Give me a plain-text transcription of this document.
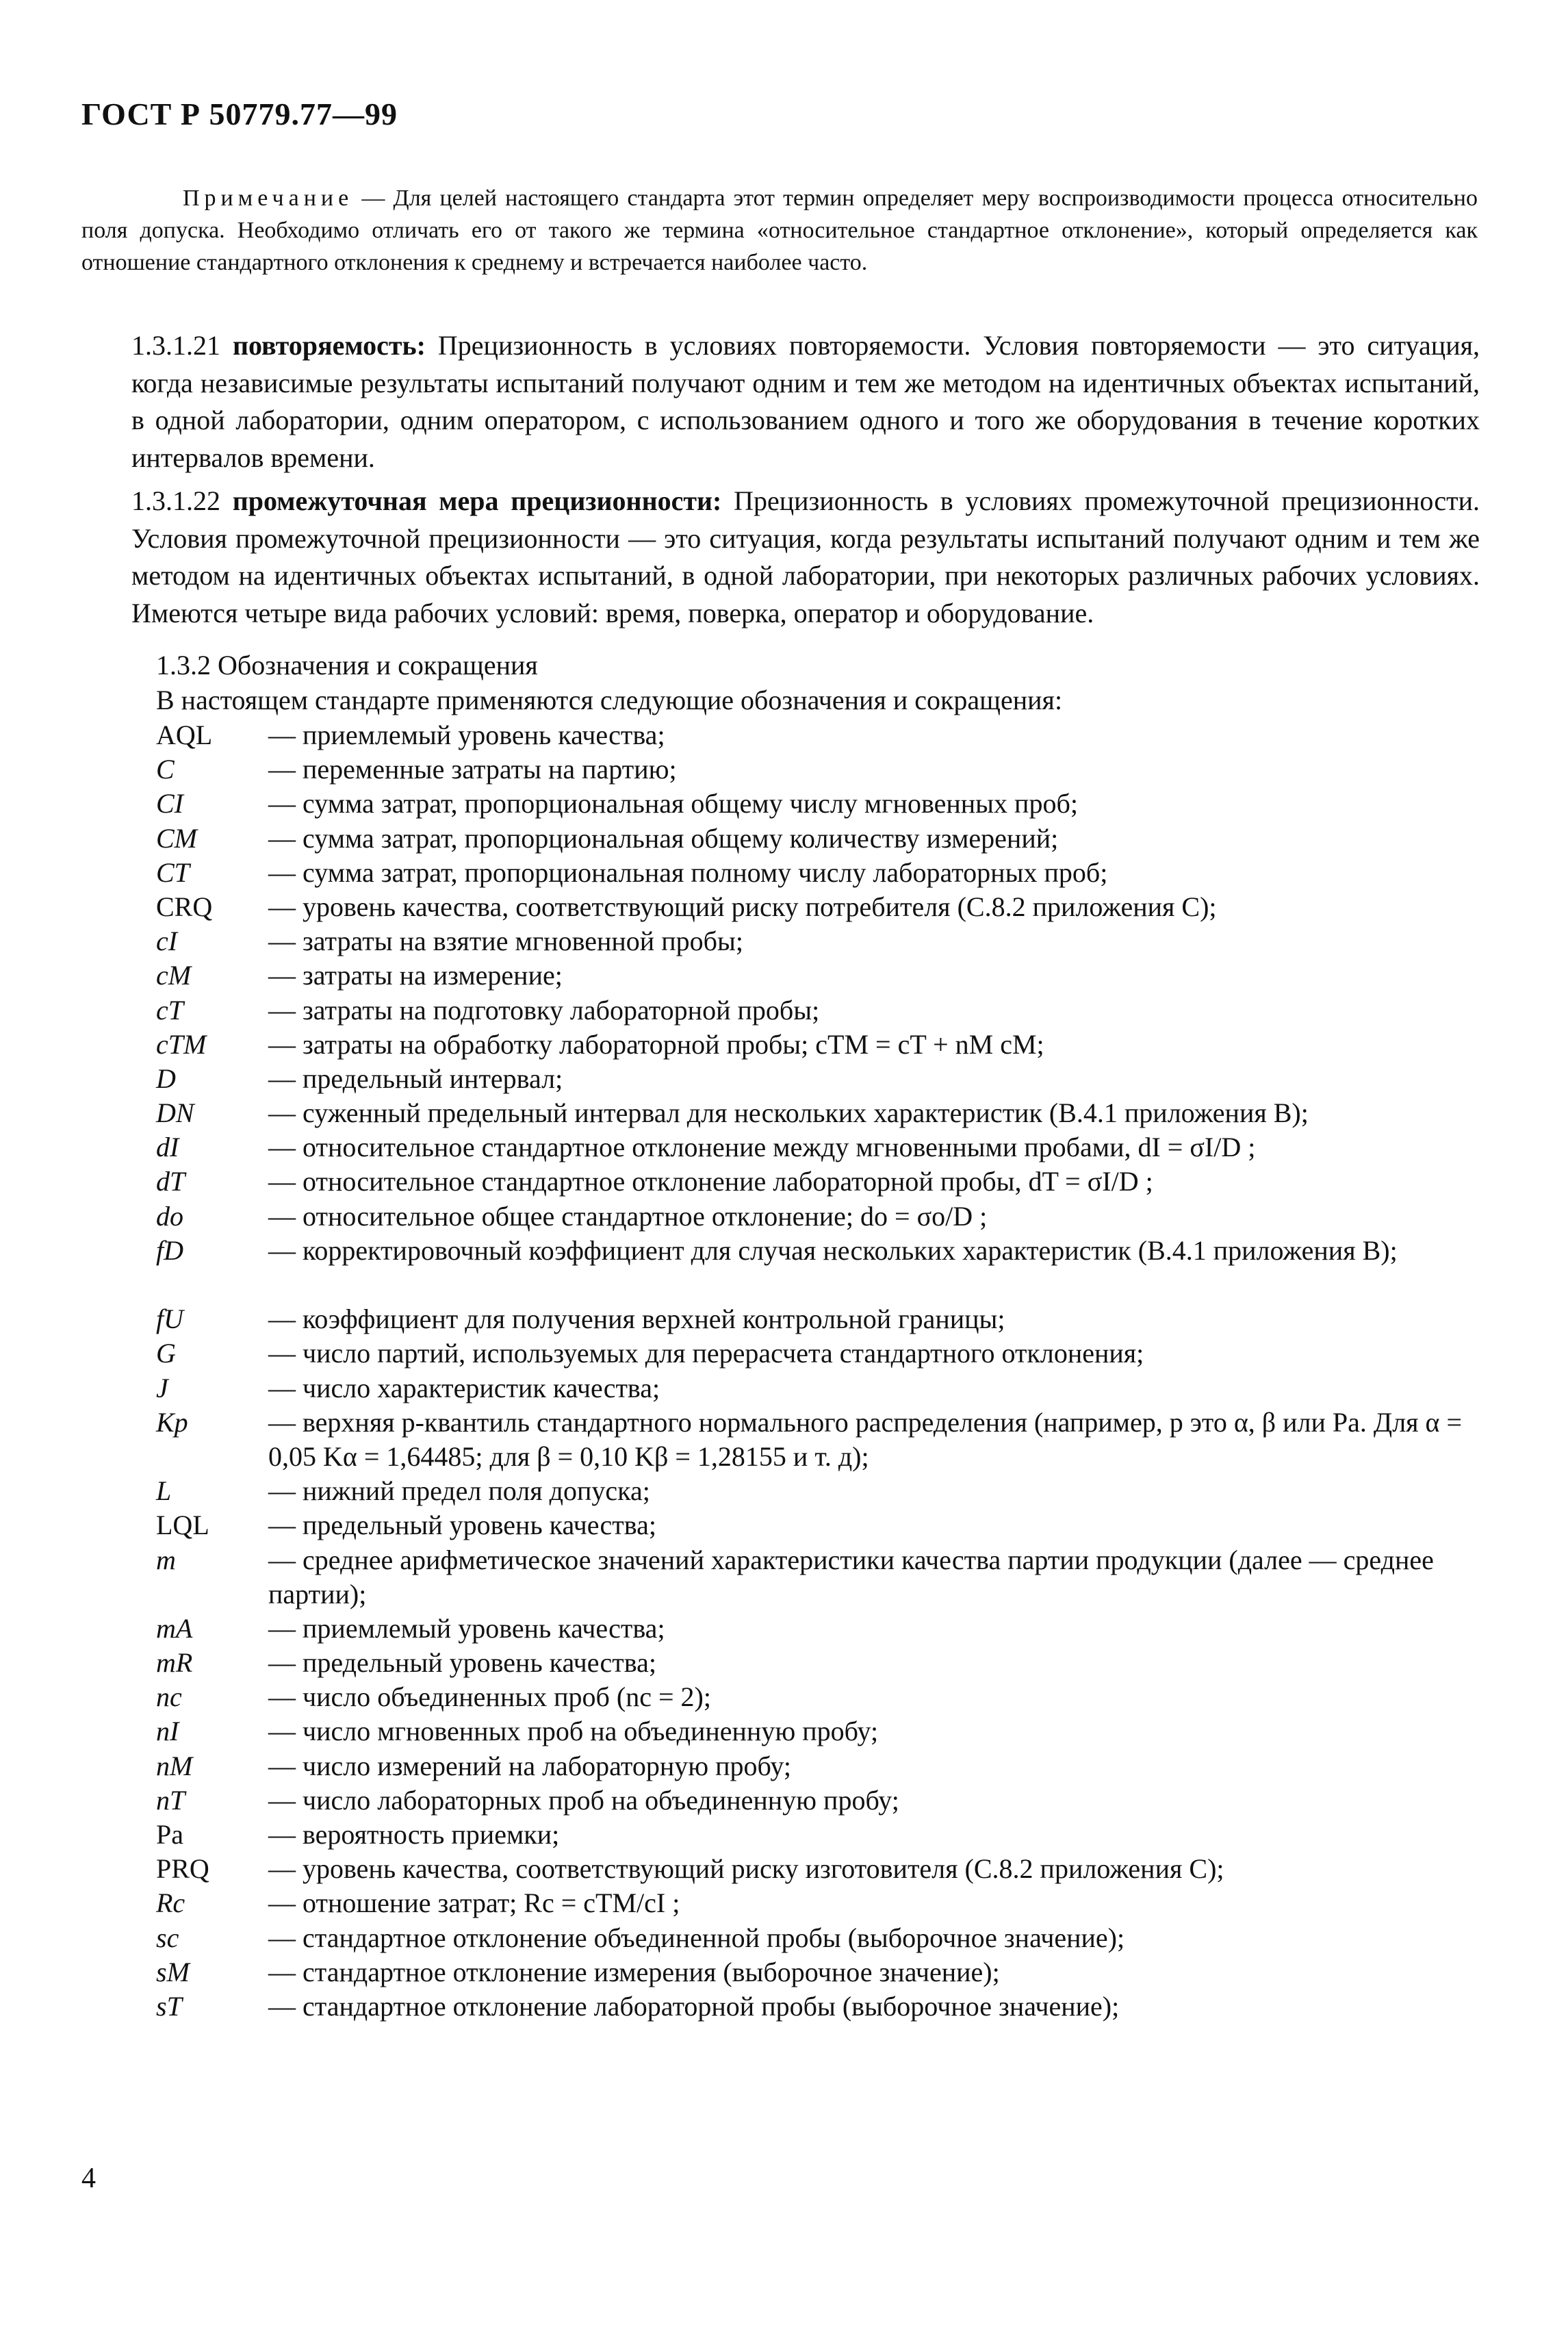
ГОСТ Р 50779.77—99

Примечание — Для целей настоящего стандарта этот термин определяет меру воспроизводимости процесса относительно поля допуска. Необходимо отличать его от такого же термина «относительное стандартное отклонение», который определяется как отношение стандартного отклонения к среднему и встречается наиболее часто.

1.3.1.21 повторяемость: Прецизионность в условиях повторяемости. Условия повторяемости — это ситуация, когда независимые результаты испытаний получают одним и тем же методом на идентичных объектах испытаний, в одной лаборатории, одним оператором, с использованием одного и того же оборудования в течение коротких интервалов времени.

1.3.1.22 промежуточная мера прецизионности: Прецизионность в условиях промежуточной прецизионности. Условия промежуточной прецизионности — это ситуация, когда результаты испытаний получают одним и тем же методом на идентичных объектах испытаний, в одной лаборатории, при некоторых различных рабочих условиях. Имеются четыре вида рабочих условий: время, поверка, оператор и оборудование.

1.3.2 Обозначения и сокращения
В настоящем стандарте применяются следующие обозначения и сокращения:
AQL — приемлемый уровень качества;
C	— переменные затраты на партию;
CI	— сумма затрат, пропорциональная общему числу мгновенных проб;
CM	— сумма затрат, пропорциональная общему количеству измерений;
CT	— сумма затрат, пропорциональная полному числу лабораторных проб;
CRQ — уровень качества, соответствующий риску потребителя (С.8.2 приложения С);
cI	— затраты на взятие мгновенной пробы;
cM	— затраты на измерение;
cT	— затраты на подготовку лабораторной пробы;
cTM — затраты на обработку лабораторной пробы; cTM = cT + nM cM;
D	— предельный интервал;
DN	— суженный предельный интервал для нескольких характеристик (В.4.1 приложения В);
dI	— относительное стандартное отклонение между мгновенными пробами, dI = σI/D ;
dT	— относительное стандартное отклонение лабораторной пробы, dT = σI/D ;
do	— относительное общее стандартное отклонение; do = σo/D ;
fD	— корректировочный коэффициент для случая нескольких характеристик (В.4.1 приложения В);
fU	— коэффициент для получения верхней контрольной границы;
G	— число партий, используемых для перерасчета стандартного отклонения;
J	— число характеристик качества;
Kp	— верхняя p-квантиль стандартного нормального распределения (например, p это α, β или Pa. Для α = 0,05 Kα = 1,64485; для β = 0,10 Kβ = 1,28155 и т. д);
L	— нижний предел поля допуска;
LQL — предельный уровень качества;
m	— среднее арифметическое значений характеристики качества партии продукции (далее — среднее партии);
mA	— приемлемый уровень качества;
mR	— предельный уровень качества;
nc	— число объединенных проб (nc = 2);
nI	— число мгновенных проб на объединенную пробу;
nM	— число измерений на лабораторную пробу;
nT	— число лабораторных проб на объединенную пробу;
Pa	— вероятность приемки;
PRQ — уровень качества, соответствующий риску изготовителя (С.8.2 приложения С);
Rc	— отношение затрат; Rc = cTM/cI ;
sc	— стандартное отклонение объединенной пробы (выборочное значение);
sM	— стандартное отклонение измерения (выборочное значение);
sT	— стандартное отклонение лабораторной пробы (выборочное значение);
4
